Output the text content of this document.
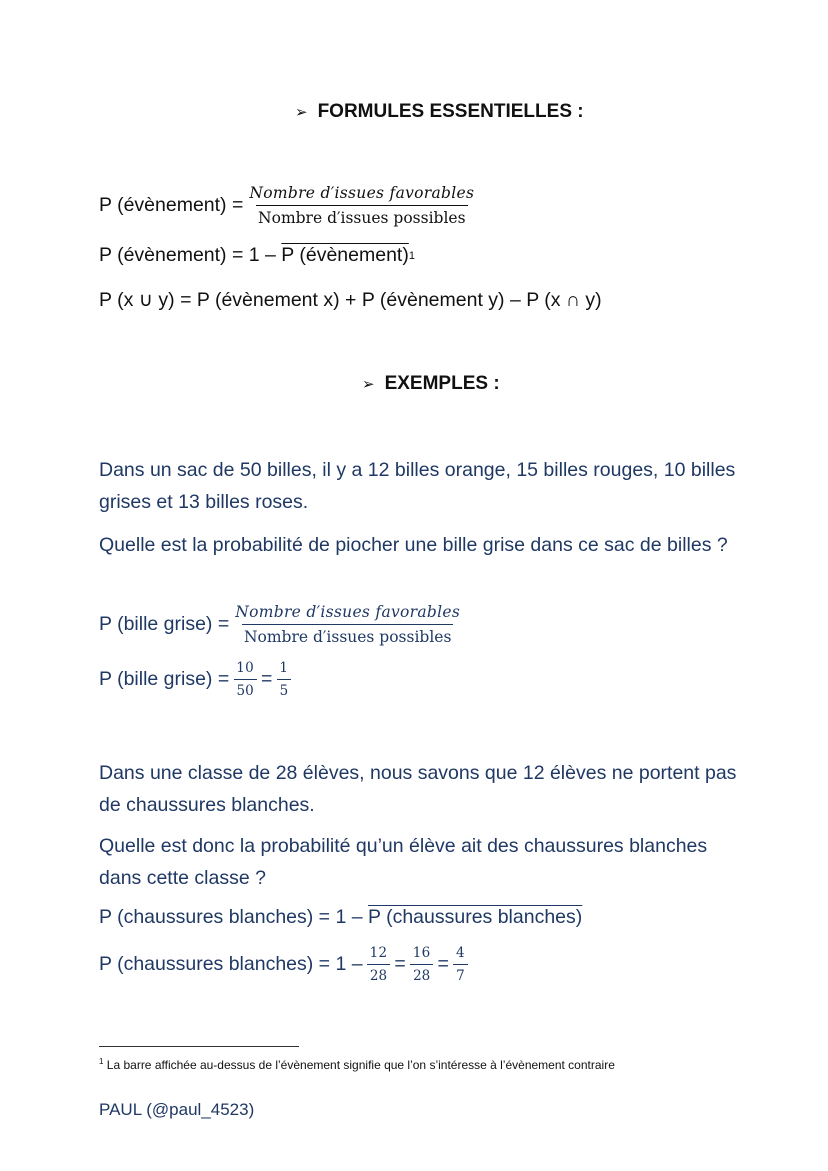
➢ FORMULES ESSENTIELLES :
P (évènement) = $\frac{\text{Nombre d′issues favorables}}{\text{Nombre d′issues possibles}}$
P (évènement) = 1 – P (évènement) 1
P (x ∪ y) = P (évènement x) + P (évènement y) – P (x ∩ y)
➢ EXEMPLES :
Dans un sac de 50 billes, il y a 12 billes orange, 15 billes rouges, 10 billes grises et 13 billes roses.
Quelle est la probabilité de piocher une bille grise dans ce sac de billes ?
P (bille grise) = $\frac{\text{Nombre d′issues favorables}}{\text{Nombre d′issues possibles}}$
P (bille grise) = $\frac{10}{50} = \frac{1}{5}$
Dans une classe de 28 élèves, nous savons que 12 élèves ne portent pas de chaussures blanches.
Quelle est donc la probabilité qu’un élève ait des chaussures blanches dans cette classe ?
P (chaussures blanches) = 1 – P (chaussures blanches)
P (chaussures blanches) = $1 - \frac{12}{28} = \frac{16}{28} = \frac{4}{7}$
$^1$ La barre affichée au-dessus de l’évènement signifie que l’on s’intéresse à l’évènement contraire
PAUL (@paul_4523)
